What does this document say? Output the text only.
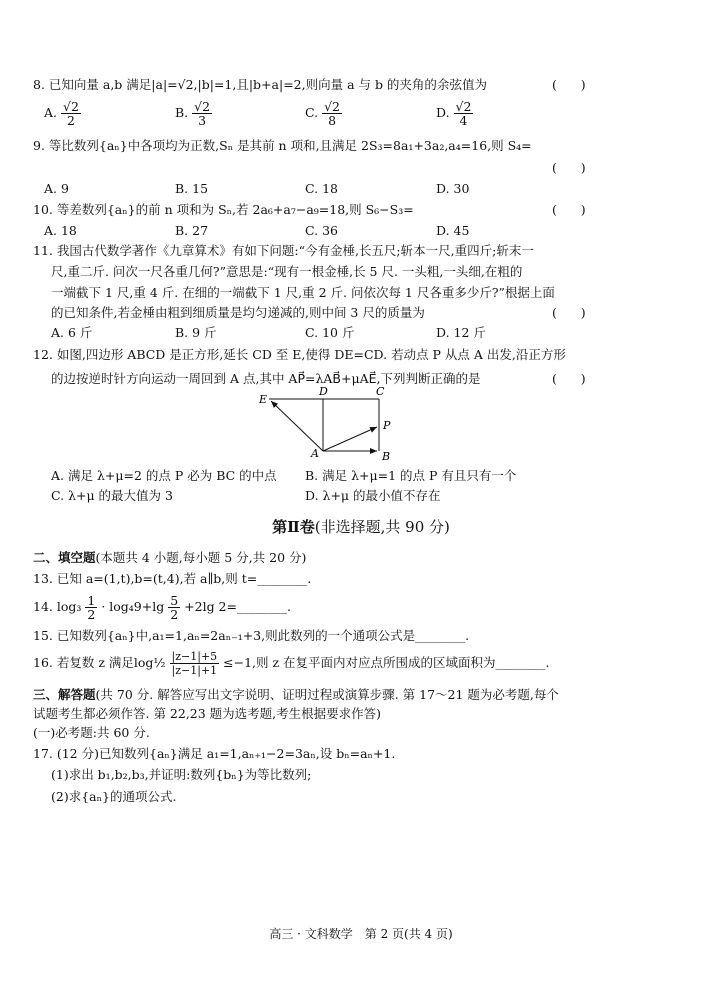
8. 已知向量 a,b 满足|a|=√2,|b|=1,且|b+a|=2,则向量 a 与 b 的夹角的余弦值为	(      )
A. $\frac{√2}{2}$	B. $\frac{√2}{3}$	C. $\frac{√2}{8}$	D. $\frac{√2}{4}$
9. 等比数列{aₙ}中各项均为正数,Sₙ 是其前 n 项和,且满足 2S₃=8a₁+3a₂,a₄=16,则 S₄=
(      )
A. 9	B. 15	C. 18	D. 30
10. 等差数列{aₙ}的前 n 项和为 Sₙ,若 2a₆+a₇−a₉=18,则 S₆−S₃=	(      )
A. 18	B. 27	C. 36	D. 45
11. 我国古代数学著作《九章算术》有如下问题:“今有金棰,长五尺;斩本一尺,重四斤;斩末一
尺,重二斤. 问次一尺各重几何?”意思是:“现有一根金棰,长 5 尺. 一头粗,一头细,在粗的
一端截下 1 尺,重 4 斤. 在细的一端截下 1 尺,重 2 斤. 问依次每 1 尺各重多少斤?”根据上面
的已知条件,若金棰由粗到细质量是均匀递减的,则中间 3 尺的质量为	(      )
A. 6 斤	B. 9 斤	C. 10 斤	D. 12 斤
12. 如图,四边形 ABCD 是正方形,延长 CD 至 E,使得 DE=CD. 若动点 P 从点 A 出发,沿正方形
的边按逆时针方向运动一周回到 A 点,其中 AP⃗=λAB⃗+μAE⃗,下列判断正确的是	(      )
E
D	C
P
A	B
A. 满足 λ+μ=2 的点 P 必为 BC 的中点 B. 满足 λ+μ=1 的点 P 有且只有一个
C. λ+μ 的最大值为 3	D. λ+μ 的最小值不存在
第Ⅱ卷(非选择题,共 90 分)
二、填空题(本题共 4 小题,每小题 5 分,共 20 分)
13. 已知 a=(1,t),b=(t,4),若 a∥b,则 t=________.
14. $\log_3 \frac{1}{2} \cdot \log_49+\lg \frac{5}{2} +2\lg$ 2=________.
15. 已知数列{aₙ}中,a₁=1,aₙ=2aₙ₋₁+3,则此数列的一个通项公式是________.
16. 若复数 z 满足log½ $\frac{|z-1|+5}{|z-1|+1} \le-1$,则 z 在复平面内对应点所围成的区域面积为________.
三、解答题(共 70 分. 解答应写出文字说明、证明过程或演算步骤. 第 17～21 题为必考题,每个
试题考生都必须作答. 第 22,23 题为选考题,考生根据要求作答)
(一)必考题:共 60 分.
17. (12 分)已知数列{aₙ}满足 a₁=1,aₙ₊₁−2=3aₙ,设 bₙ=aₙ+1.
(1)求出 b₁,b₂,b₃,并证明:数列{bₙ}为等比数列;
(2)求{aₙ}的通项公式.
高三 · 文科数学　第 2 页(共 4 页)
